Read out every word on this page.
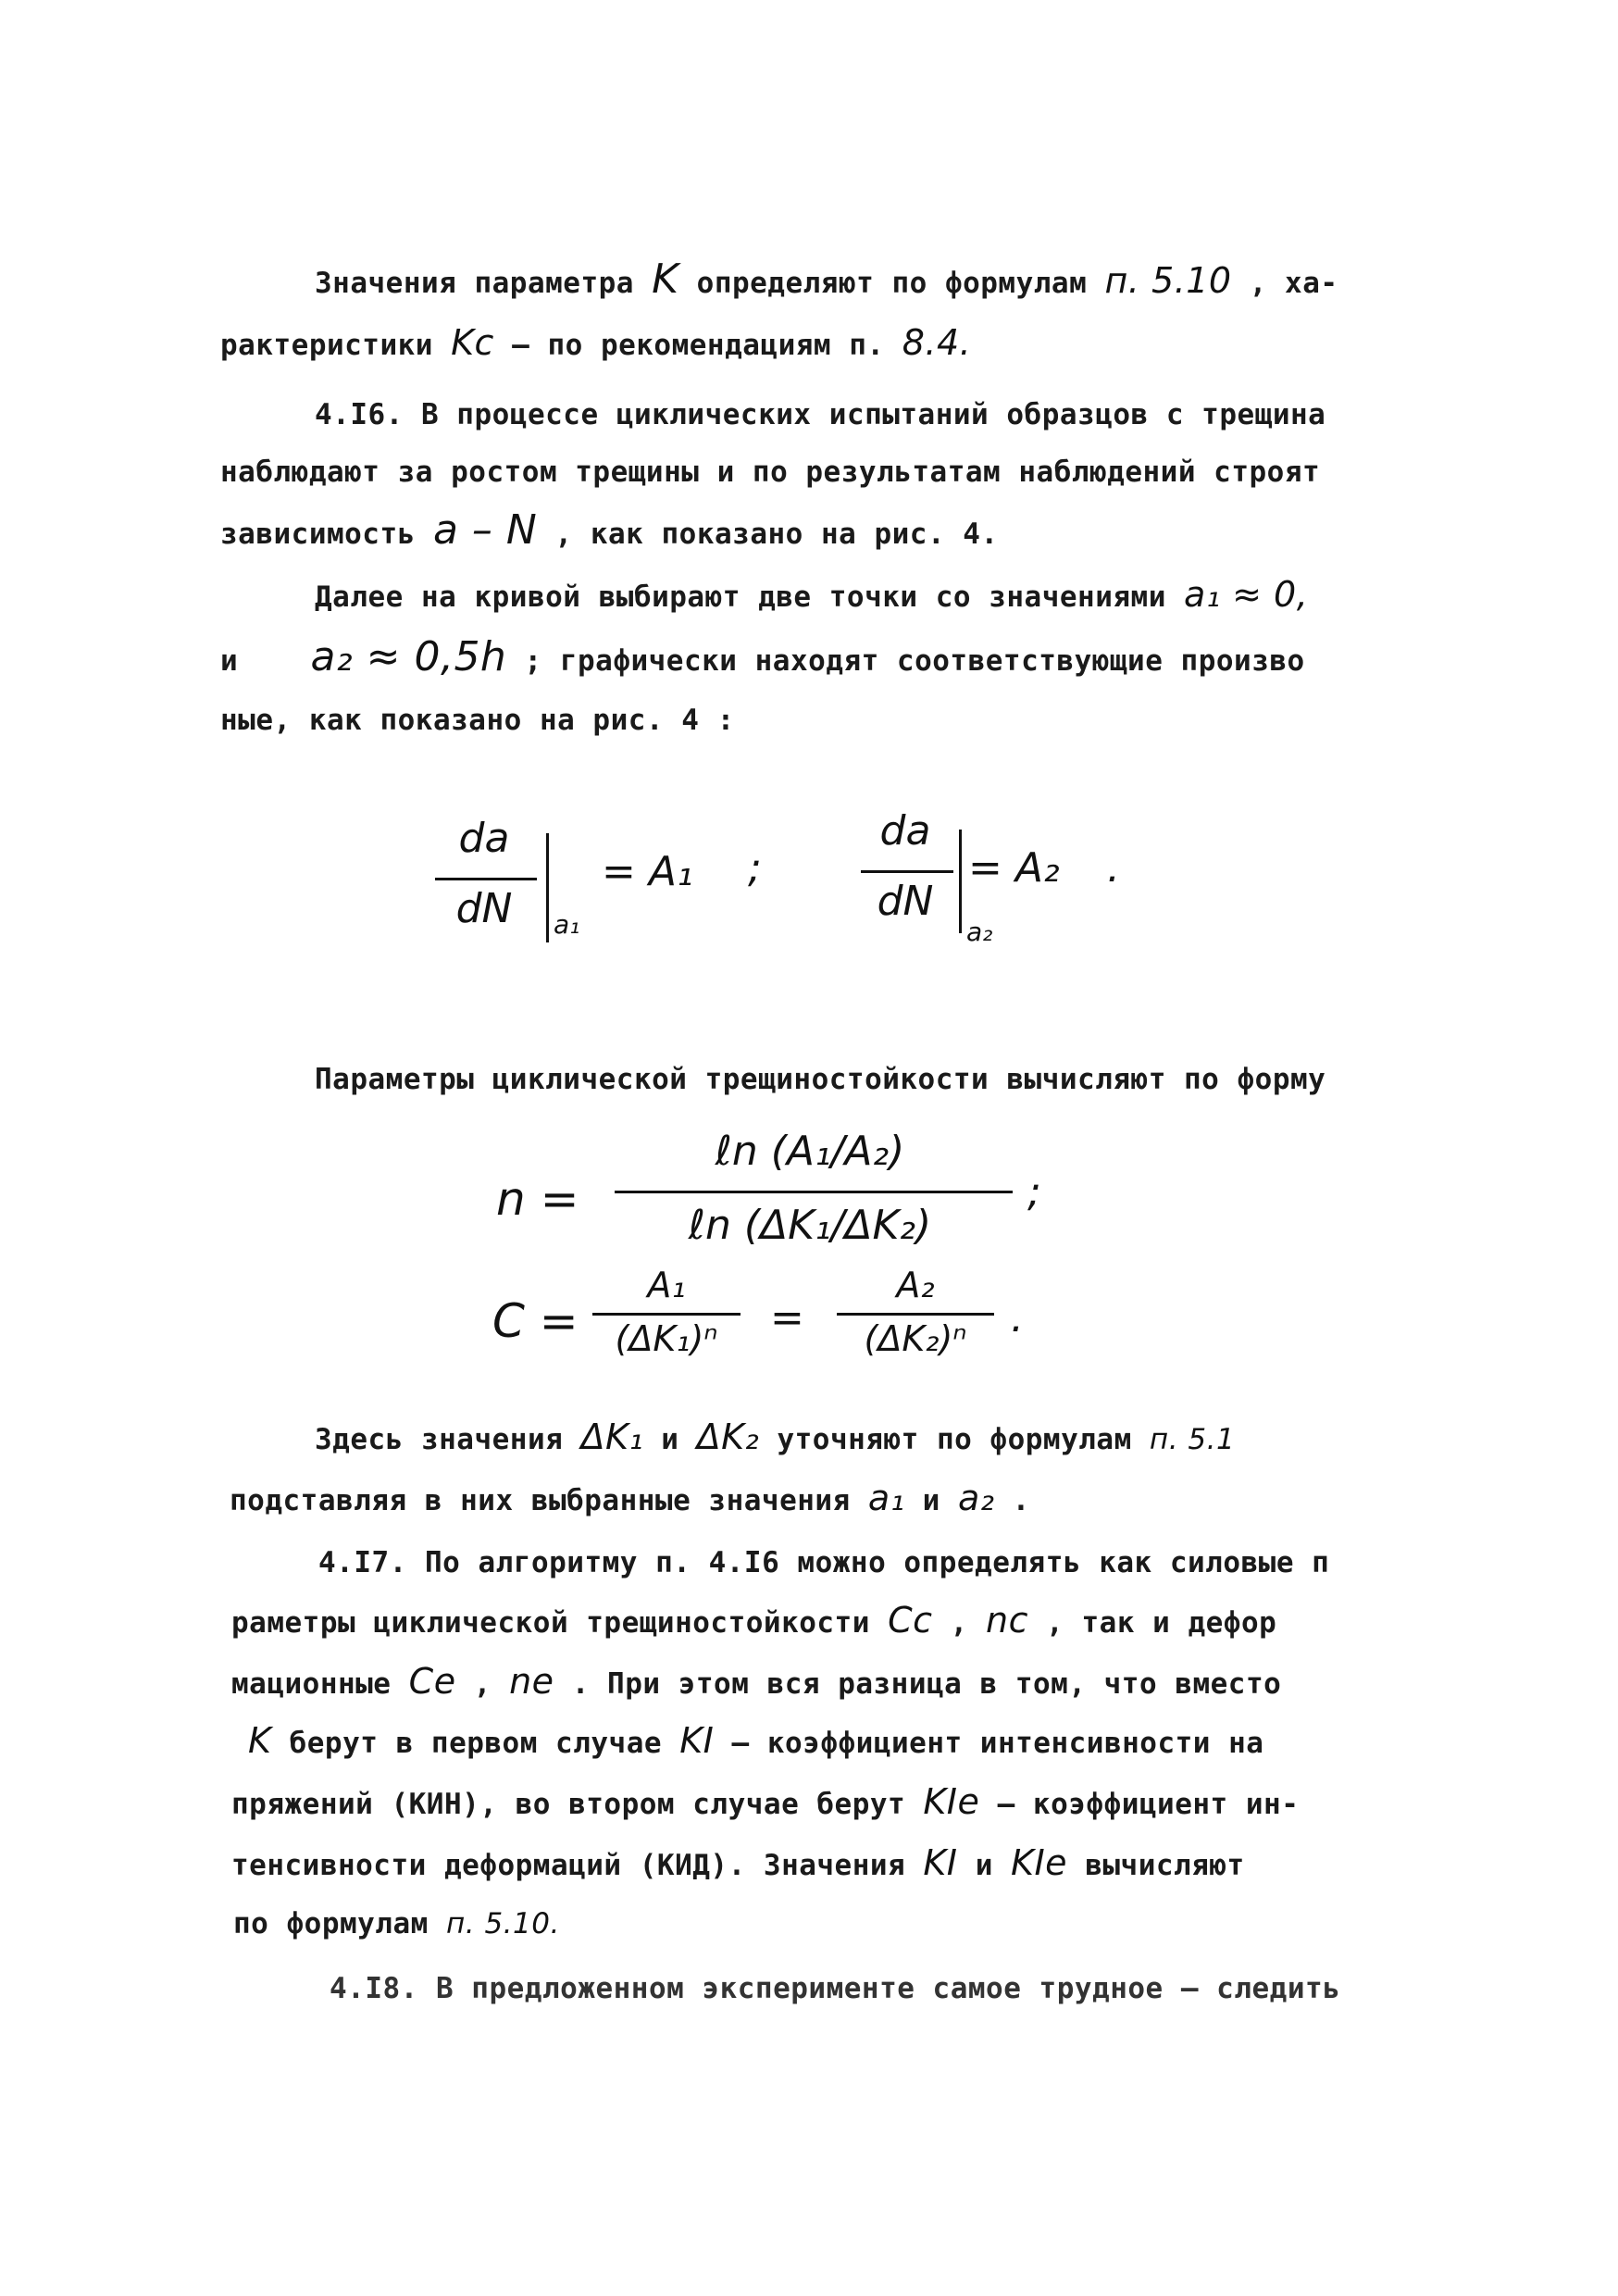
Значения параметра K определяют по формулам п. 5.10 , ха-
рактеристики Kc – по рекомендациям п. 8.4.
4.I6. В процессе циклических испытаний образцов с трещина
наблюдают за ростом трещины и по результатам наблюдений строят
зависимость a – N , как показано на рис. 4.
Далее на кривой выбирают две точки со значениями a₁ ≈ 0,
и a₂ ≈ 0,5h ; графически находят соответствующие произво
ные, как показано на рис. 4 :
da
dN	a₁
= A₁ ;
da
dN
a₂
= A₂ .
Параметры циклической трещиностойкости вычисляют по форму
n =
ℓn (A₁/A₂)
ℓn (ΔK₁/ΔK₂)
;
C =
A₁
(ΔK₁)ⁿ	=
A₂
(ΔK₂)ⁿ	.
Здесь значения ΔK₁ и ΔK₂ уточняют по формулам п. 5.1
подставляя в них выбранные значения a₁ и a₂ .
4.I7. По алгоритму п. 4.I6 можно определять как силовые п
раметры циклической трещиностойкости Cc , nc , так и дефор
мационные Ce , ne . При этом вся разница в том, что вместо
K берут в первом случае KI – коэффициент интенсивности на
пряжений (КИН), во втором случае берут KIe – коэффициент ин-
тенсивности деформаций (КИД). Значения KI и KIe вычисляют
по формулам п. 5.10.
4.I8. В предложенном эксперименте самое трудное – следить
